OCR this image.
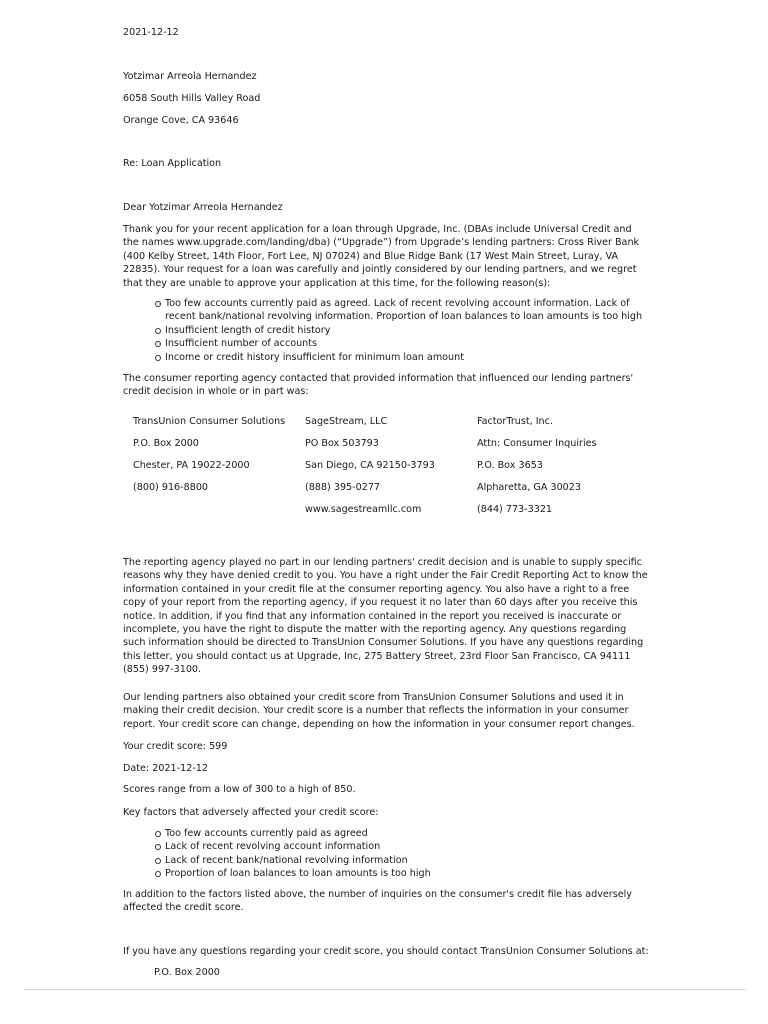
2021-12-12

Yotzimar Arreola Hernandez

6058 South Hills Valley Road

Orange Cove, CA 93646

Re: Loan Application

Dear Yotzimar Arreola Hernandez

Thank you for your recent application for a loan through Upgrade, Inc. (DBAs include Universal Credit and the names www.upgrade.com/landing/dba) (“Upgrade”) from Upgrade’s lending partners: Cross River Bank (400 Kelby Street, 14th Floor, Fort Lee, NJ 07024) and Blue Ridge Bank (17 West Main Street, Luray, VA 22835). Your request for a loan was carefully and jointly considered by our lending partners, and we regret that they are unable to approve your application at this time, for the following reason(s):

Too few accounts currently paid as agreed. Lack of recent revolving account information. Lack of recent bank/national revolving information. Proportion of loan balances to loan amounts is too high
Insufficient length of credit history
Insufficient number of accounts
Income or credit history insufficient for minimum loan amount

The consumer reporting agency contacted that provided information that influenced our lending partners' credit decision in whole or in part was:

TransUnion Consumer Solutions
P.O. Box 2000
Chester, PA 19022-2000
(800) 916-8800
SageStream, LLC
PO Box 503793
San Diego, CA 92150-3793
(888) 395-0277
www.sagestreamllc.com
FactorTrust, Inc.
Attn: Consumer Inquiries
P.O. Box 3653
Alpharetta, GA 30023
(844) 773-3321

The reporting agency played no part in our lending partners' credit decision and is unable to supply specific reasons why they have denied credit to you. You have a right under the Fair Credit Reporting Act to know the information contained in your credit file at the consumer reporting agency. You also have a right to a free copy of your report from the reporting agency, if you request it no later than 60 days after you receive this notice. In addition, if you find that any information contained in the report you received is inaccurate or incomplete, you have the right to dispute the matter with the reporting agency. Any questions regarding such information should be directed to TransUnion Consumer Solutions. If you have any questions regarding this letter, you should contact us at Upgrade, Inc, 275 Battery Street, 23rd Floor San Francisco, CA 94111 (855) 997-3100.

Our lending partners also obtained your credit score from TransUnion Consumer Solutions and used it in making their credit decision. Your credit score is a number that reflects the information in your consumer report. Your credit score can change, depending on how the information in your consumer report changes.

Your credit score: 599

Date: 2021-12-12

Scores range from a low of 300 to a high of 850.

Key factors that adversely affected your credit score:

Too few accounts currently paid as agreed
Lack of recent revolving account information
Lack of recent bank/national revolving information
Proportion of loan balances to loan amounts is too high

In addition to the factors listed above, the number of inquiries on the consumer's credit file has adversely affected the credit score.

If you have any questions regarding your credit score, you should contact TransUnion Consumer Solutions at:

P.O. Box 2000
